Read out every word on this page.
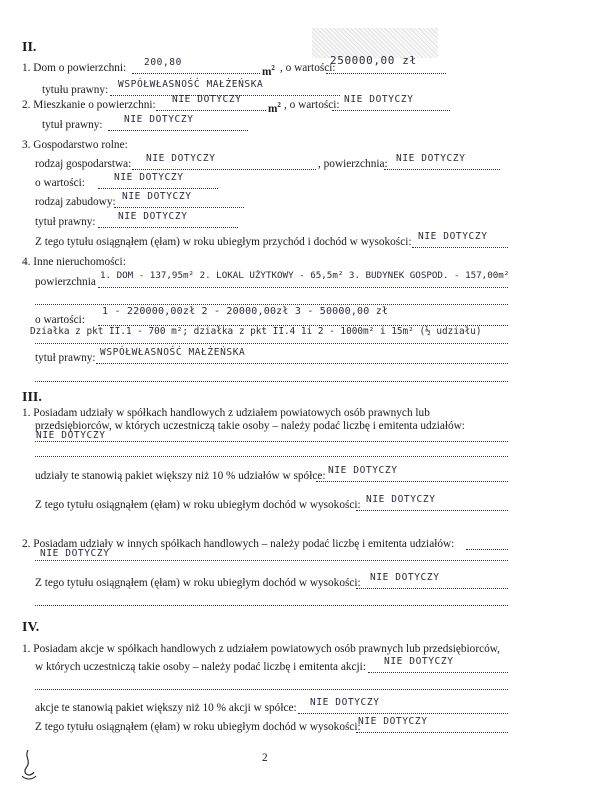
II.
1. Dom o powierzchni: 200,80
$m^2$ , o wartości:
250000,00 zł
tytułu prawny: WSPÓŁWŁASNOŚĆ MAŁŻEŃSKA
2. Mieszkanie o powierzchni: NIE DOTYCZY
$m^2$ , o wartości: NIE DOTYCZY
tytuł prawny: NIE DOTYCZY
3. Gospodarstwo rolne:
rodzaj gospodarstwa: NIE DOTYCZY	, powierzchnia: NIE DOTYCZY
o wartości:	NIE DOTYCZY
rodzaj zabudowy: NIE DOTYCZY
tytuł prawny: NIE DOTYCZY
Z tego tytułu osiągnąłem (ęłam) w roku ubiegłym przychód i dochód w wysokości: NIE DOTYCZY
4. Inne nieruchomości:
powierzchnia
1. DOM - 137,95m² 2. LOKAL UŻYTKOWY - 65,5m² 3. BUDYNEK GOSPOD. - 157,00m²
o wartości:
1 - 220000,00zł 2 - 20000,00zł 3 - 50000,00 zł
Działka z pkt II.1 - 700 m²; działka z pkt II.4 1i 2 - 1000m² i 15m² (½ udziału)
tytuł prawny: WSPÓŁWŁASNOŚĆ MAŁŻEŃSKA
III.
1. Posiadam udziały w spółkach handlowych z udziałem powiatowych osób prawnych lub
przedsiębiorców, w których uczestniczą takie osoby – należy podać liczbę i emitenta udziałów:
NIE DOTYCZY
udziały te stanowią pakiet większy niż 10 % udziałów w spółce: NIE DOTYCZY
Z tego tytułu osiągnąłem (ęłam) w roku ubiegłym dochód w wysokości: NIE DOTYCZY
2. Posiadam udziały w innych spółkach handlowych – należy podać liczbę i emitenta udziałów:
NIE DOTYCZY
Z tego tytułu osiągnąłem (ęłam) w roku ubiegłym dochód w wysokości: NIE DOTYCZY
IV.
1. Posiadam akcje w spółkach handlowych z udziałem powiatowych osób prawnych lub przedsiębiorców,
w których uczestniczą takie osoby – należy podać liczbę i emitenta akcji: NIE DOTYCZY
akcje te stanowią pakiet większy niż 10 % akcji w spółce: NIE DOTYCZY
Z tego tytułu osiągnąłem (ęłam) w roku ubiegłym dochód w wysokości:
NIE DOTYCZY
2
